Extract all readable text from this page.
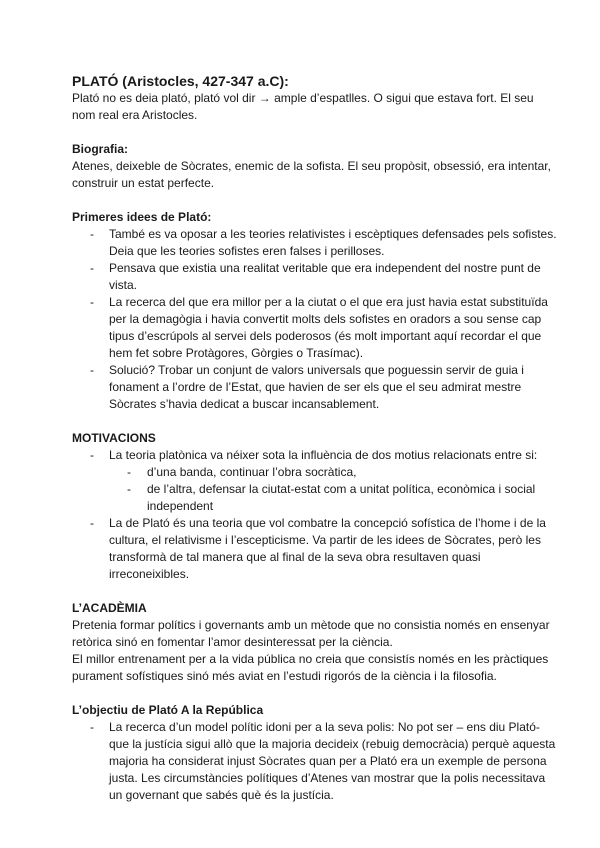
PLATÓ (Aristocles, 427-347 a.C):

Plató no es deia plató, plató vol dir → ample d’espatlles. O sigui que estava fort. El seu nom real era Aristocles.

Biografia:

Atenes, deixeble de Sòcrates, enemic de la sofista. El seu propòsit, obsessió, era intentar, construir un estat perfecte.

Primeres idees de Plató:

- També es va oposar a les teories relativistes i escèptiques defensades pels sofistes. Deia que les teories sofistes eren falses i perilloses.

- Pensava que existia una realitat veritable que era independent del nostre punt de vista.

- La recerca del que era millor per a la ciutat o el que era just havia estat substituïda per la demagògia i havia convertit molts dels sofistes en oradors a sou sense cap tipus d’escrúpols al servei dels poderosos (és molt important aquí recordar el que hem fet sobre Protàgores, Gòrgies o Trasímac).

- Solució? Trobar un conjunt de valors universals que poguessin servir de guia i fonament a l’ordre de l’Estat, que havien de ser els que el seu admirat mestre Sòcrates s’havia dedicat a buscar incansablement.

MOTIVACIONS

- La teoria platònica va néixer sota la influència de dos motius relacionats entre si:

- d’una banda, continuar l’obra socràtica,

- de l’altra, defensar la ciutat-estat com a unitat política, econòmica i social independent

- La de Plató és una teoria que vol combatre la concepció sofística de l’home i de la cultura, el relativisme i l’escepticisme. Va partir de les idees de Sòcrates, però les transformà de tal manera que al final de la seva obra resultaven quasi irreconeixibles.

L’ACADÈMIA

Pretenia formar polítics i governants amb un mètode que no consistia només en ensenyar retòrica sinó en fomentar l’amor desinteressat per la ciència.

El millor entrenament per a la vida pública no creia que consistís només en les pràctiques purament sofístiques sinó més aviat en l’estudi rigorós de la ciència i la filosofia.

L’objectiu de Plató A la República

- La recerca d’un model polític idoni per a la seva polis: No pot ser – ens diu Plató- que la justícia sigui allò que la majoria decideix (rebuig democràcia) perquè aquesta majoria ha considerat injust Sòcrates quan per a Plató era un exemple de persona justa. Les circumstàncies polítiques d’Atenes van mostrar que la polis necessitava un governant que sabés què és la justícia.
